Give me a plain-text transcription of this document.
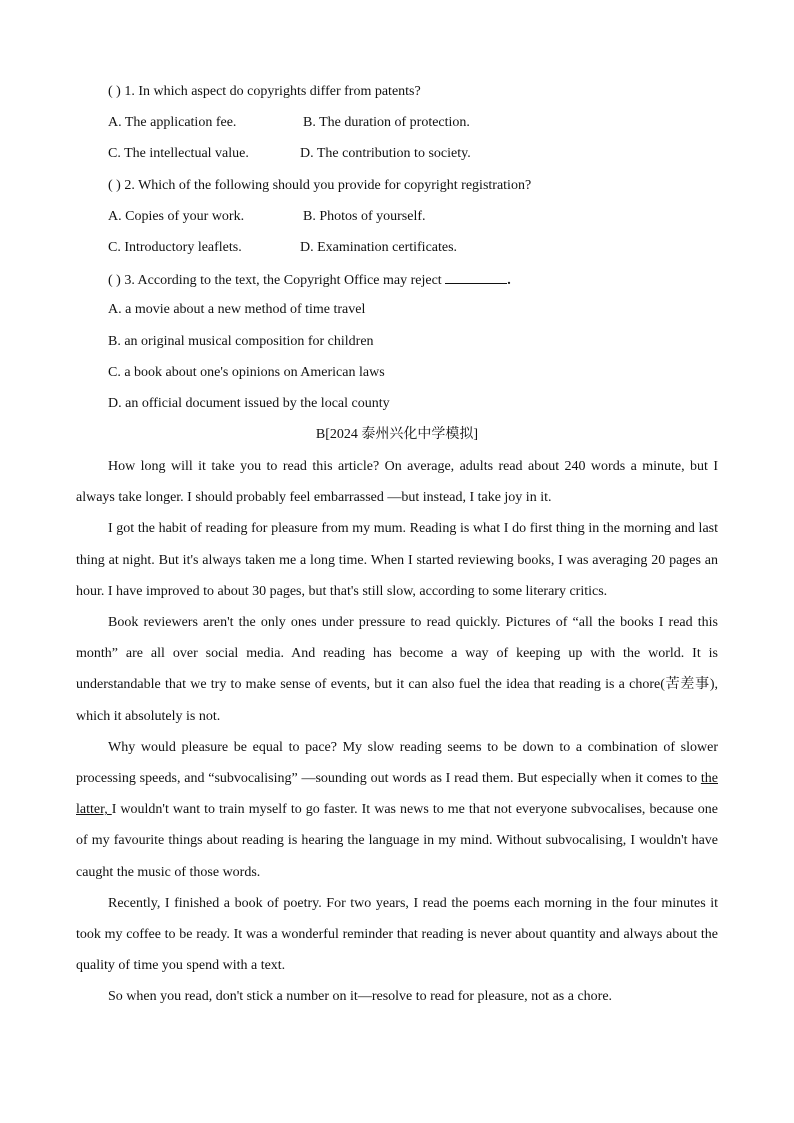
( ) 1. In which aspect do copyrights differ from patents?
A. The application fee.	B. The duration of protection.
C. The intellectual value.	D. The contribution to society.
( ) 2. Which of the following should you provide for copyright registration?
A. Copies of your work.	B. Photos of yourself.
C. Introductory leaflets.	D. Examination certificates.
( ) 3. According to the text, the Copyright Office may reject	.
A. a movie about a new method of time travel
B. an original musical composition for children
C. a book about one's opinions on American laws
D. an official document issued by the local county
B[2024 泰州兴化中学模拟]

How long will it take you to read this article? On average, adults read about 240 words a minute, but I always take longer. I should probably feel embarrassed —but instead, I take joy in it.

I got the habit of reading for pleasure from my mum. Reading is what I do first thing in the morning and last thing at night. But it's always taken me a long time. When I started reviewing books, I was averaging 20 pages an hour. I have improved to about 30 pages, but that's still slow, according to some literary critics.

Book reviewers aren't the only ones under pressure to read quickly. Pictures of “all the books I read this month” are all over social media. And reading has become a way of keeping up with the world. It is understandable that we try to make sense of events, but it can also fuel the idea that reading is a chore(苦差事), which it absolutely is not.

Why would pleasure be equal to pace? My slow reading seems to be down to a combination of slower processing speeds, and “subvocalising” —sounding out words as I read them. But especially when it comes to the latter, I wouldn't want to train myself to go faster. It was news to me that not everyone subvocalises, because one of my favourite things about reading is hearing the language in my mind. Without subvocalising, I wouldn't have caught the music of those words.

Recently, I finished a book of poetry. For two years, I read the poems each morning in the four minutes it took my coffee to be ready. It was a wonderful reminder that reading is never about quantity and always about the quality of time you spend with a text.

So when you read, don't stick a number on it—resolve to read for pleasure, not as a chore.
